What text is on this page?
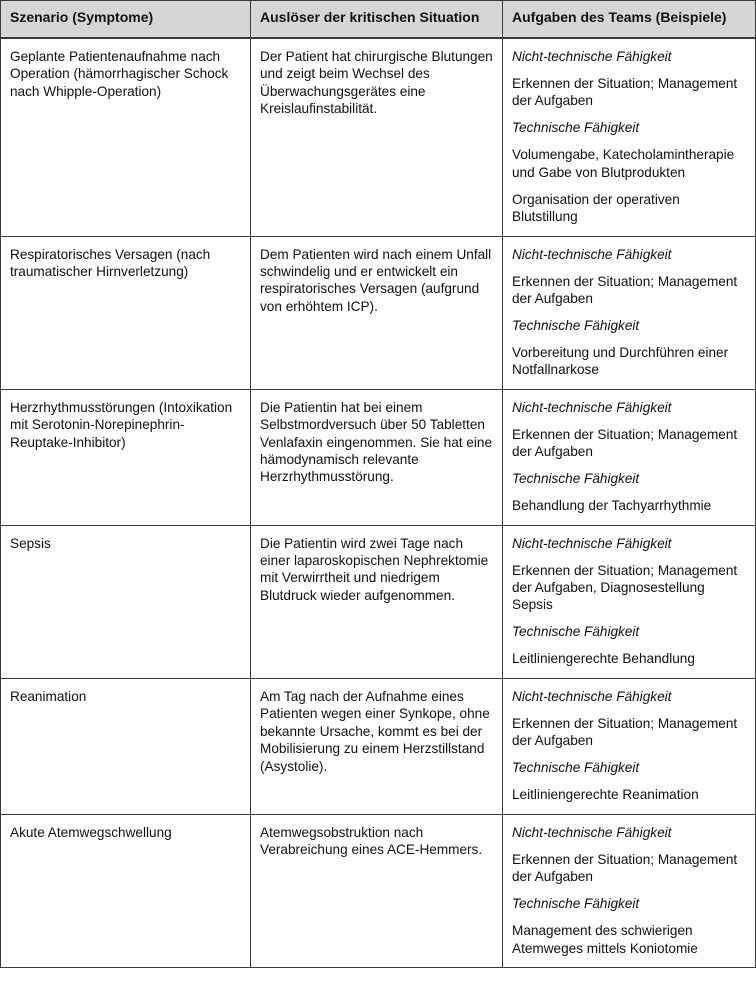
Szenario (Symptome)	Auslöser der kritischen Situation	Aufgaben des Teams (Beispiele)
Geplante Patientenaufnahme nach Operation (hämorrhagischer Schock nach Whipple-Operation)	Der Patient hat chirurgische Blutungen und zeigt beim Wechsel des Überwachungsgerätes eine Kreislaufinstabilität.	Nicht-technische Fähigkeit

Erkennen der Situation; Management der Aufgaben

Technische Fähigkeit

Volumengabe, Katecholamintherapie und Gabe von Blutprodukten

Organisation der operativen Blutstillung

Respiratorisches Versagen (nach traumatischer Hirnverletzung)	Dem Patienten wird nach einem Unfall schwindelig und er entwickelt ein respiratorisches Versagen (aufgrund von erhöhtem ICP).	Nicht-technische Fähigkeit

Erkennen der Situation; Management der Aufgaben

Technische Fähigkeit

Vorbereitung und Durchführen einer Notfallnarkose

Herzrhythmusstörungen (Intoxikation mit Serotonin-Norepinephrin-Reuptake-Inhibitor)	Die Patientin hat bei einem Selbstmordversuch über 50 Tabletten Venlafaxin eingenommen. Sie hat eine hämodynamisch relevante Herzrhythmusstörung.	Nicht-technische Fähigkeit

Erkennen der Situation; Management der Aufgaben

Technische Fähigkeit

Behandlung der Tachyarrhythmie

Sepsis	Die Patientin wird zwei Tage nach einer laparoskopischen Nephrektomie mit Verwirrtheit und niedrigem Blutdruck wieder aufgenommen.	Nicht-technische Fähigkeit

Erkennen der Situation; Management der Aufgaben, Diagnosestellung Sepsis

Technische Fähigkeit

Leitliniengerechte Behandlung

Reanimation	Am Tag nach der Aufnahme eines Patienten wegen einer Synkope, ohne bekannte Ursache, kommt es bei der Mobilisierung zu einem Herzstillstand (Asystolie).	Nicht-technische Fähigkeit

Erkennen der Situation; Management der Aufgaben

Technische Fähigkeit

Leitliniengerechte Reanimation

Akute Atemwegschwellung	Atemwegsobstruktion nach Verabreichung eines ACE-Hemmers.	Nicht-technische Fähigkeit

Erkennen der Situation; Management der Aufgaben

Technische Fähigkeit

Management des schwierigen Atemweges mittels Koniotomie
